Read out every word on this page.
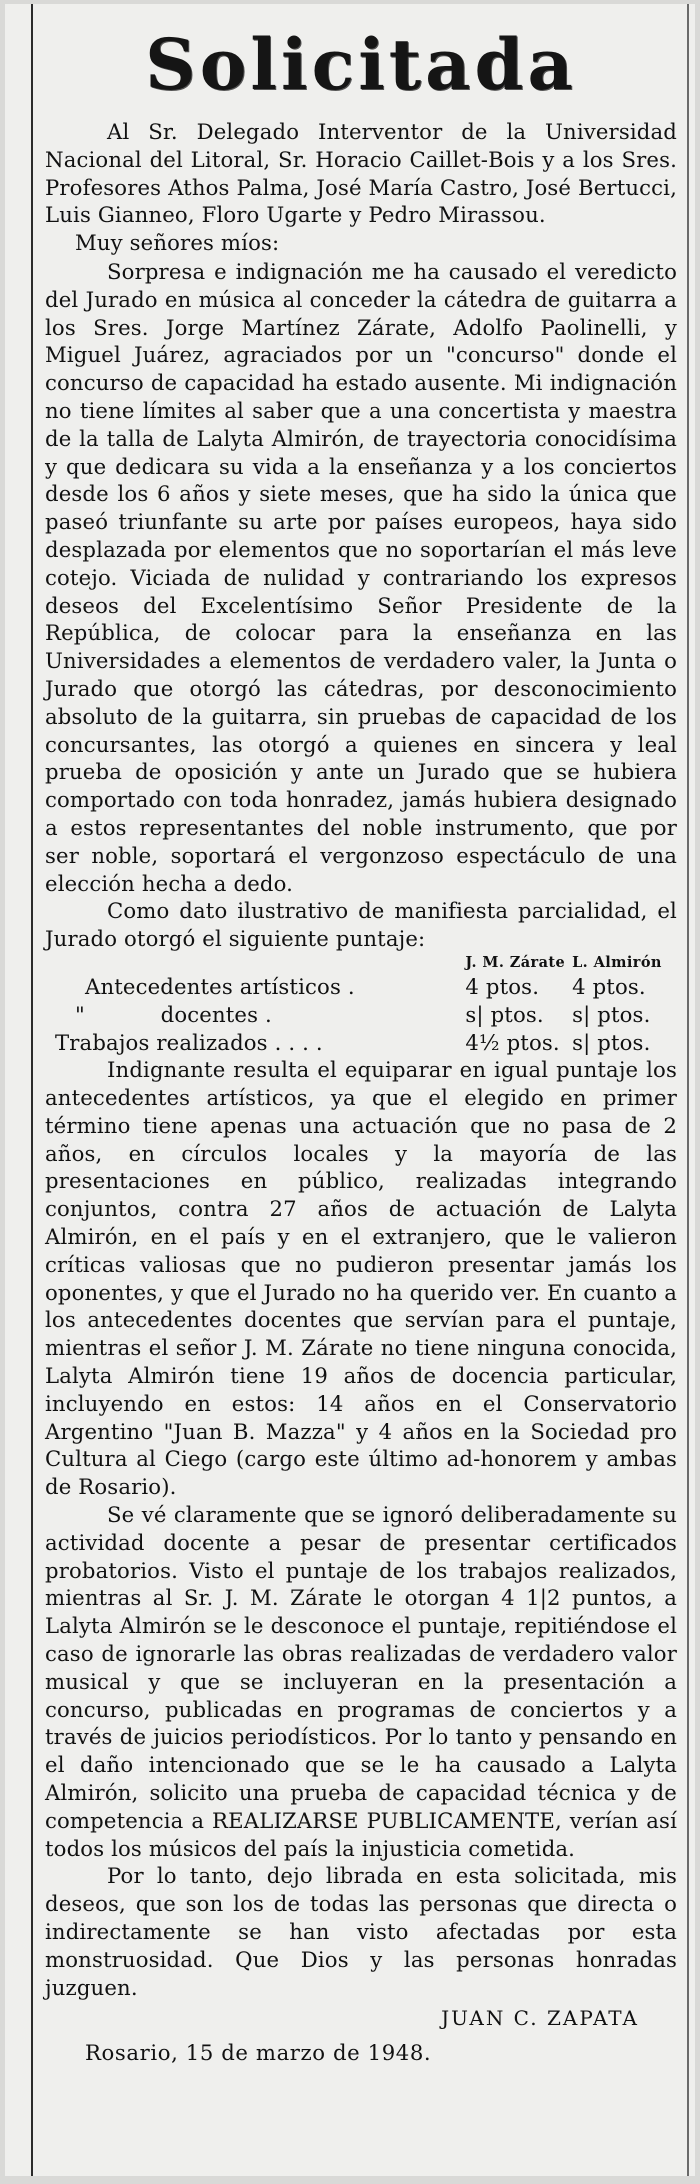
Solicitada

Al Sr. Delegado Interventor de la Universidad Nacional del Litoral, Sr. Horacio Caillet-Bois y a los Sres. Profesores Athos Palma, José María Castro, José Bertucci, Luis Gianneo, Floro Ugarte y Pedro Mirassou.

Muy señores míos:

Sorpresa e indignación me ha causado el veredicto del Jurado en música al conceder la cátedra de guitarra a los Sres. Jorge Martínez Zárate, Adolfo Paolinelli, y Miguel Juárez, agraciados por un "concurso" donde el concurso de capacidad ha estado ausente. Mi indignación no tiene límites al saber que a una concertista y maestra de la talla de Lalyta Almirón, de trayectoria conocidísima y que dedicara su vida a la enseñanza y a los conciertos desde los 6 años y siete meses, que ha sido la única que paseó triunfante su arte por países europeos, haya sido desplazada por elementos que no soportarían el más leve cotejo. Viciada de nulidad y contrariando los expresos deseos del Excelentísimo Señor Presidente de la República, de colocar para la enseñanza en las Universidades a elementos de verdadero valer, la Junta o Jurado que otorgó las cátedras, por desconocimiento absoluto de la guitarra, sin pruebas de capacidad de los concursantes, las otorgó a quienes en sincera y leal prueba de oposición y ante un Jurado que se hubiera comportado con toda honradez, jamás hubiera designado a estos representantes del noble instrumento, que por ser noble, soportará el vergonzoso espectáculo de una elección hecha a dedo.

Como dato ilustrativo de manifiesta parcialidad, el Jurado otorgó el siguiente puntaje:

	J. M. Zárate	L. Almirón
Antecedentes artísticos .	4 ptos.	4 ptos.
"           docentes .	s| ptos.	s| ptos.
Trabajos realizados . . . .	4½ ptos.	s| ptos.

Indignante resulta el equiparar en igual puntaje los antecedentes artísticos, ya que el elegido en primer término tiene apenas una actuación que no pasa de 2 años, en círculos locales y la mayoría de las presentaciones en público, realizadas integrando conjuntos, contra 27 años de actuación de Lalyta Almirón, en el país y en el extranjero, que le valieron críticas valiosas que no pudieron presentar jamás los oponentes, y que el Jurado no ha querido ver. En cuanto a los antecedentes docentes que servían para el puntaje, mientras el señor J. M. Zárate no tiene ninguna conocida, Lalyta Almirón tiene 19 años de docencia particular, incluyendo en estos: 14 años en el Conservatorio Argentino "Juan B. Mazza" y 4 años en la Sociedad pro Cultura al Ciego (cargo este último ad-honorem y ambas de Rosario).

Se vé claramente que se ignoró deliberadamente su actividad docente a pesar de presentar certificados probatorios. Visto el puntaje de los trabajos realizados, mientras al Sr. J. M. Zárate le otorgan 4 1|2 puntos, a Lalyta Almirón se le desconoce el puntaje, repitiéndose el caso de ignorarle las obras realizadas de verdadero valor musical y que se incluyeran en la presentación a concurso, publicadas en programas de conciertos y a través de juicios periodísticos. Por lo tanto y pensando en el daño intencionado que se le ha causado a Lalyta Almirón, solicito una prueba de capacidad técnica y de competencia a REALIZARSE PUBLICAMENTE, verían así todos los músicos del país la injusticia cometida.

Por lo tanto, dejo librada en esta solicitada, mis deseos, que son los de todas las personas que directa o indirectamente se han visto afectadas por esta monstruosidad. Que Dios y las personas honradas juzguen.

JUAN C. ZAPATA

Rosario, 15 de marzo de 1948.
